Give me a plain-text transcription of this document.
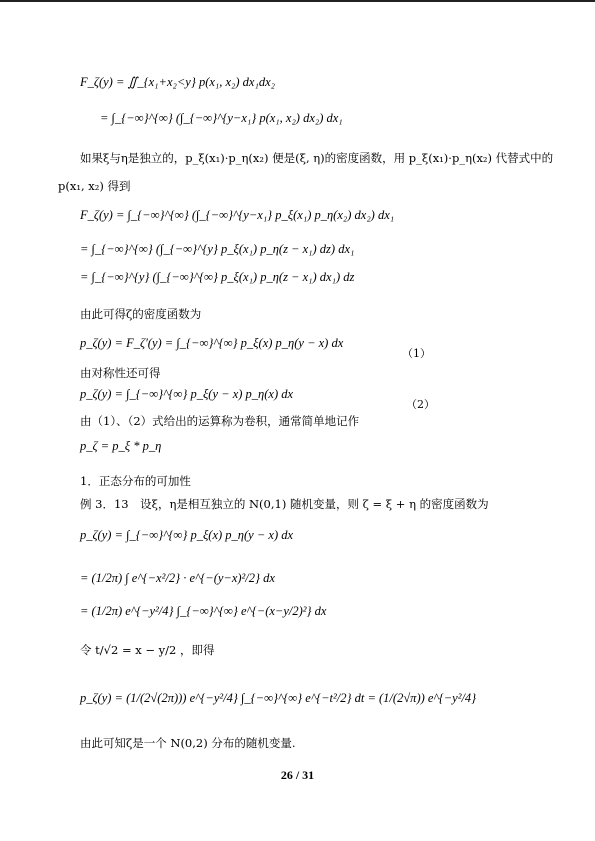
F_ζ(y) = ∬_{x₁+x₂<y} p(x₁, x₂) dx₁dx₂
= ∫_{−∞}^{∞} (∫_{−∞}^{y−x₁} p(x₁, x₂) dx₂) dx₁
如果ξ与η是独立的，p_ξ(x₁)·p_η(x₂) 便是(ξ, η)的密度函数，用 p_ξ(x₁)·p_η(x₂) 代替式中的
p(x₁, x₂) 得到
F_ζ(y) = ∫_{−∞}^{∞} (∫_{−∞}^{y−x₁} p_ξ(x₁) p_η(x₂) dx₂) dx₁
= ∫_{−∞}^{∞} (∫_{−∞}^{y} p_ξ(x₁) p_η(z − x₁) dz) dx₁
= ∫_{−∞}^{y} (∫_{−∞}^{∞} p_ξ(x₁) p_η(z − x₁) dx₁) dz
由此可得ζ的密度函数为
p_ζ(y) = F_ζ′(y) = ∫_{−∞}^{∞} p_ξ(x) p_η(y − x) dx
由对称性还可得
p_ζ(y) = ∫_{−∞}^{∞} p_ξ(y − x) p_η(x) dx
由（1）、（2）式给出的运算称为卷积，通常简单地记作
p_ζ = p_ξ * p_η
1．正态分布的可加性
例 3．13　设ξ，η是相互独立的 N(0,1) 随机变量，则 ζ = ξ + η 的密度函数为
p_ζ(y) = ∫_{−∞}^{∞} p_ξ(x) p_η(y − x) dx
= (1/2π) ∫ e^{−x²/2} · e^{−(y−x)²/2} dx
= (1/2π) e^{−y²/4} ∫_{−∞}^{∞} e^{−(x−y/2)²} dx
令 t/√2 = x − y/2 ，即得
p_ζ(y) = (1/(2√(2π))) e^{−y²/4} ∫_{−∞}^{∞} e^{−t²/2} dt = (1/(2√π)) e^{−y²/4}
由此可知ζ是一个 N(0,2) 分布的随机变量.
（1）
（2）
26 / 31
